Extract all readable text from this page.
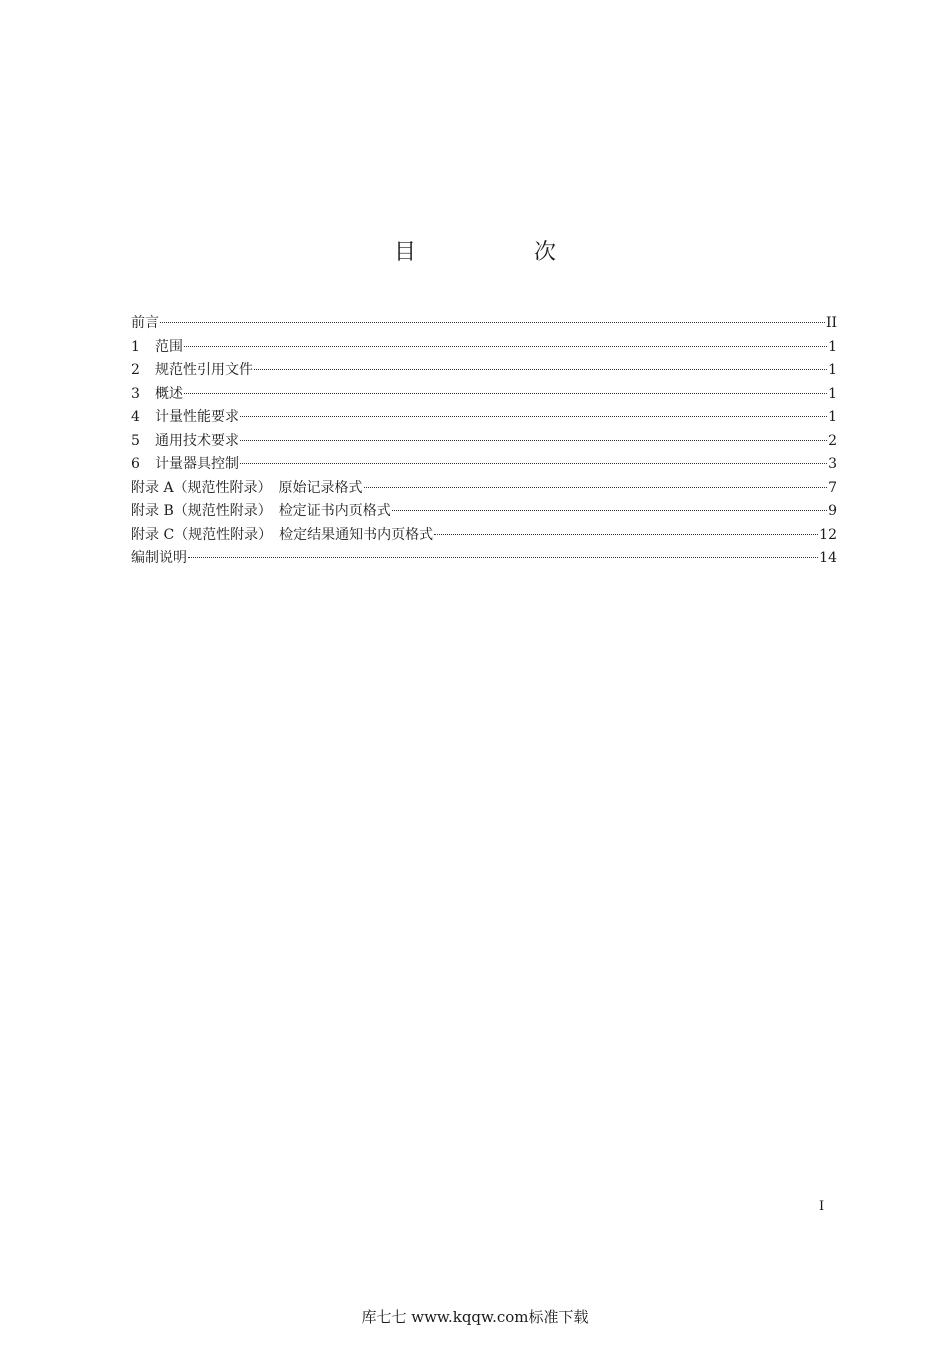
目　次
前言	II
1	范围	1
2	规范性引用文件	1
3	概述	1
4	计量性能要求	1
5	通用技术要求	2
6	计量器具控制	3
附录 A（规范性附录）　原始记录格式	7
附录 B（规范性附录）　检定证书内页格式	9
附录 C（规范性附录）　检定结果通知书内页格式	12
编制说明	14
I
库七七 www.kqqw.com标准下载
